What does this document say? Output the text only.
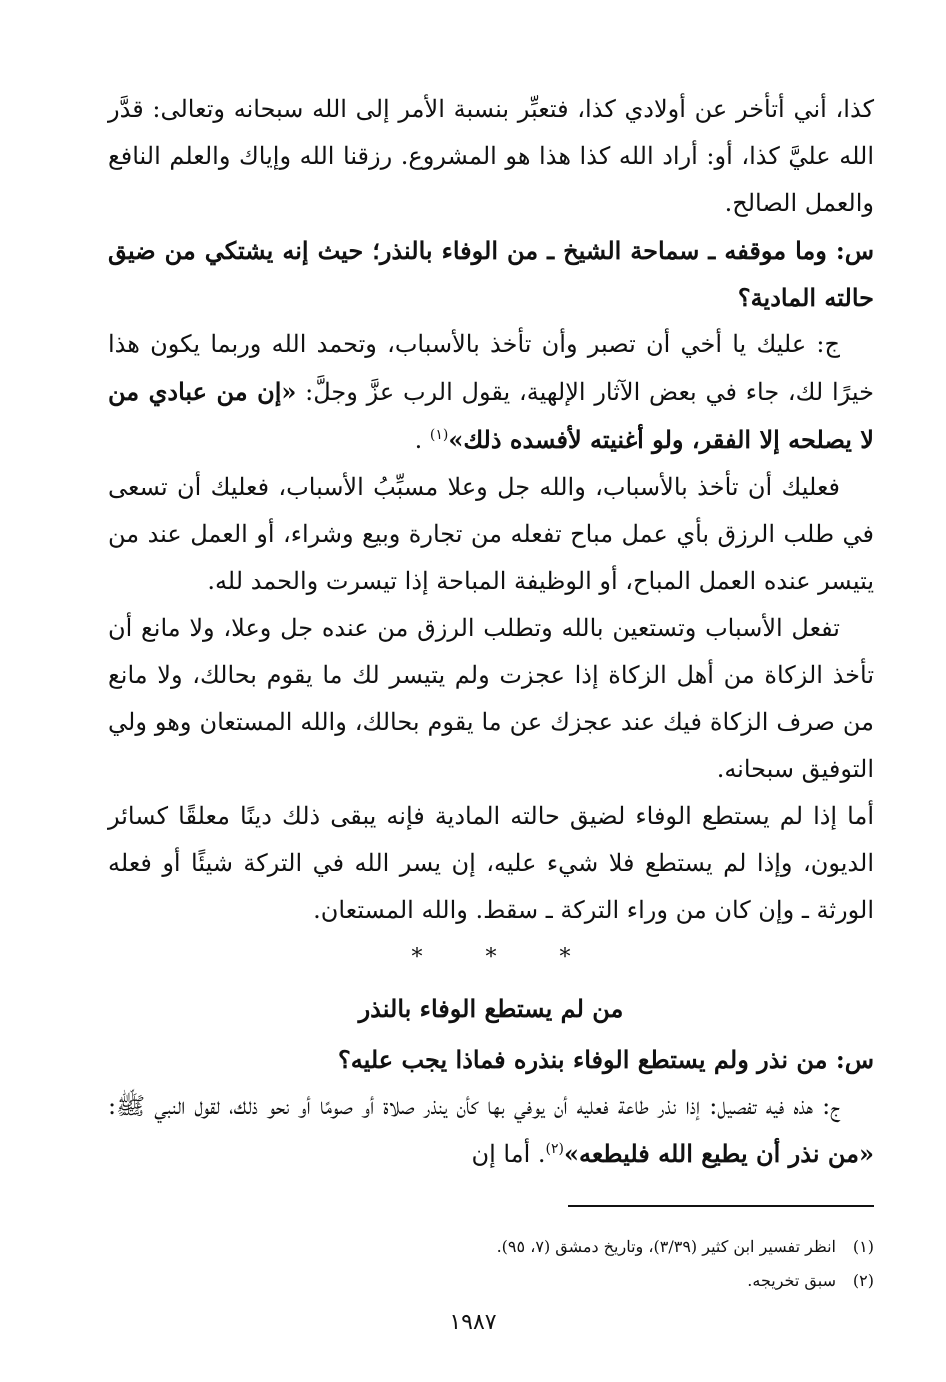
كذا، أني أتأخر عن أولادي كذا، فتعبِّر بنسبة الأمر إلى الله سبحانه وتعالى: قدَّر الله عليَّ كذا، أو: أراد الله كذا هذا هو المشروع. رزقنا الله وإياك والعلم النافع والعمل الصالح.

س: وما موقفه ـ سماحة الشيخ ـ من الوفاء بالنذر؛ حيث إنه يشتكي من ضيق حالته المادية؟

ج: عليك يا أخي أن تصبر وأن تأخذ بالأسباب، وتحمد الله وربما يكون هذا خيرًا لك، جاء في بعض الآثار الإلهية، يقول الرب عزَّ وجلَّ: «إن من عبادي من لا يصلحه إلا الفقر، ولو أغنيته لأفسده ذلك»$^{(١)}$ .

فعليك أن تأخذ بالأسباب، والله جل وعلا مسبِّبُ الأسباب، فعليك أن تسعى في طلب الرزق بأي عمل مباح تفعله من تجارة وبيع وشراء، أو العمل عند من يتيسر عنده العمل المباح، أو الوظيفة المباحة إذا تيسرت والحمد لله.

تفعل الأسباب وتستعين بالله وتطلب الرزق من عنده جل وعلا، ولا مانع أن تأخذ الزكاة من أهل الزكاة إذا عجزت ولم يتيسر لك ما يقوم بحالك، ولا مانع من صرف الزكاة فيك عند عجزك عن ما يقوم بحالك، والله المستعان وهو ولي التوفيق سبحانه.

أما إذا لم يستطع الوفاء لضيق حالته المادية فإنه يبقى ذلك دينًا معلقًا كسائر الديون، وإذا لم يستطع فلا شيء عليه، إن يسر الله في التركة شيئًا أو فعله الورثة ـ وإن كان من وراء التركة ـ سقط. والله المستعان.

* * *
من لم يستطع الوفاء بالنذر

س: من نذر ولم يستطع الوفاء بنذره فماذا يجب عليه؟

ج: هذه فيه تفصيل: إذا نذر طاعة فعليه أن يوفي بها كأن ينذر صلاة أو صومًا أو نحو ذلك، لقول النبي ﷺ: «من نذر أن يطيع الله فليطعه»$^{(٢)}$. أما إن

(١)انظر تفسير ابن كثير (٣/٣٩)، وتاريخ دمشق (٧، ٩٥).

(٢)سبق تخريجه.

١٩٨٧
